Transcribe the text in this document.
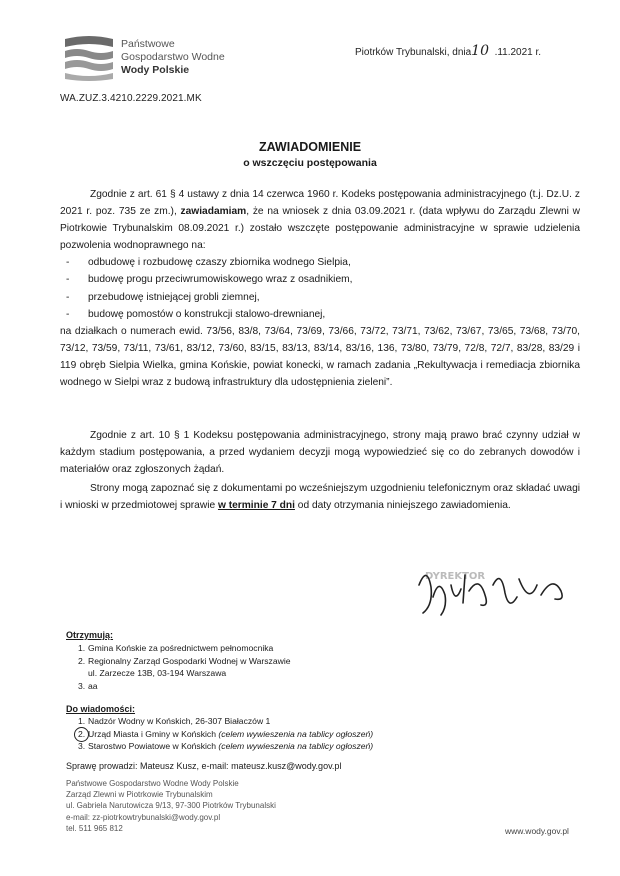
Państwowe
Gospodarstwo Wodne
Wody Polskie
Piotrków Trybunalski, dnia10 .11.2021 r.
WA.ZUZ.3.4210.2229.2021.MK
ZAWIADOMIENIE
o wszczęciu postępowania
Zgodnie z art. 61 § 4 ustawy z dnia 14 czerwca 1960 r. Kodeks postępowania administracyjnego (t.j. Dz.U. z 2021 r. poz. 735 ze zm.), zawiadamiam, że na wniosek z dnia 03.09.2021 r. (data wpływu do Zarządu Zlewni w Piotrkowie Trybunalskim 08.09.2021 r.) zostało wszczęte postępowanie administracyjne w sprawie udzielenia pozwolenia wodnoprawnego na:
- odbudowę i rozbudowę czaszy zbiornika wodnego Sielpia,
- budowę progu przeciwrumowiskowego wraz z osadnikiem,
- przebudowę istniejącej grobli ziemnej,
- budowę pomostów o konstrukcji stalowo-drewnianej,
na działkach o numerach ewid. 73/56, 83/8, 73/64, 73/69, 73/66, 73/72, 73/71, 73/62, 73/67, 73/65, 73/68, 73/70, 73/12, 73/59, 73/11, 73/61, 83/12, 73/60, 83/15, 83/13, 83/14, 83/16, 136, 73/80, 73/79, 72/8, 72/7, 83/28, 83/29 i 119 obręb Sielpia Wielka, gmina Końskie, powiat konecki, w ramach zadania „Rekultywacja i remediacja zbiornika wodnego w Sielpi wraz z budową infrastruktury dla udostępnienia zieleni”.
Zgodnie z art. 10 § 1 Kodeksu postępowania administracyjnego, strony mają prawo brać czynny udział w każdym stadium postępowania, a przed wydaniem decyzji mogą wypowiedzieć się co do zebranych dowodów i materiałów oraz zgłoszonych żądań.
Strony mogą zapoznać się z dokumentami po wcześniejszym uzgodnieniu telefonicznym oraz składać uwagi i wnioski w przedmiotowej sprawie w terminie 7 dni od daty otrzymania niniejszego zawiadomienia.
DYREKTOR
Otrzymują:
1. Gmina Końskie za pośrednictwem pełnomocnika
2. Regionalny Zarząd Gospodarki Wodnej w Warszawie
ul. Zarzecze 13B, 03-194 Warszawa
3. aa
Do wiadomości:
1. Nadzór Wodny w Końskich, 26-307 Białaczów 1
2. Urząd Miasta i Gminy w Końskich (celem wywieszenia na tablicy ogłoszeń)
3. Starostwo Powiatowe w Końskich (celem wywieszenia na tablicy ogłoszeń)
Sprawę prowadzi: Mateusz Kusz, e-mail: mateusz.kusz@wody.gov.pl
Państwowe Gospodarstwo Wodne Wody Polskie
Zarząd Zlewni w Piotrkowie Trybunalskim
ul. Gabriela Narutowicza 9/13, 97-300 Piotrków Trybunalski
e-mail: zz-piotrkowtrybunalski@wody.gov.pl
tel. 511 965 812	www.wody.gov.pl
